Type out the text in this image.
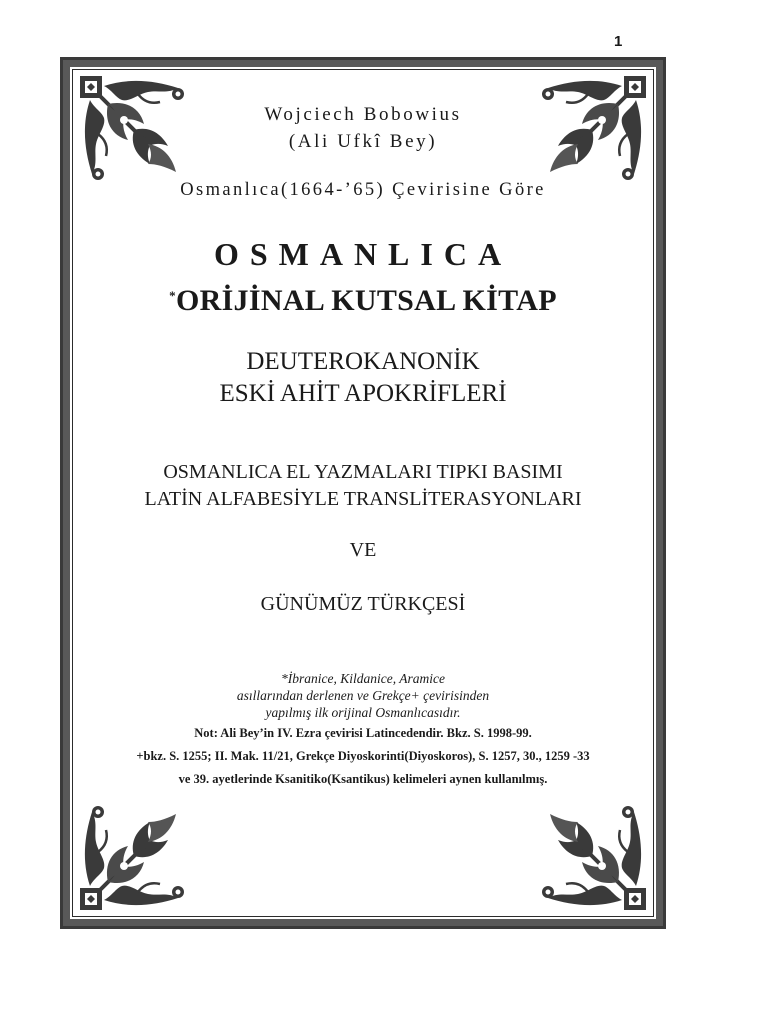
1
Wojciech Bobowius
(Ali Ufkî Bey)
Osmanlıca(1664-’65) Çevirisine Göre
OSMANLICA
*ORİJİNAL KUTSAL KİTAP
DEUTEROKANONİK
ESKİ AHİT APOKRİFLERİ
OSMANLICA EL YAZMALARI TIPKI BASIMI
LATİN ALFABESİYLE TRANSLİTERASYONLARI
VE
GÜNÜMÜZ TÜRKÇESİ
*İbranice, Kildanice, Aramice
asıllarından derlenen ve Grekçe+ çevirisinden
yapılmış ilk orijinal Osmanlıcasıdır.
Not: Ali Bey’in IV. Ezra çevirisi Latincedendir. Bkz. S. 1998-99.
+bkz. S. 1255; II. Mak. 11/21, Grekçe Diyoskorinti(Diyoskoros), S. 1257, 30., 1259 -33
ve 39. ayetlerinde Ksanitiko(Ksantikus) kelimeleri aynen kullanılmış.
